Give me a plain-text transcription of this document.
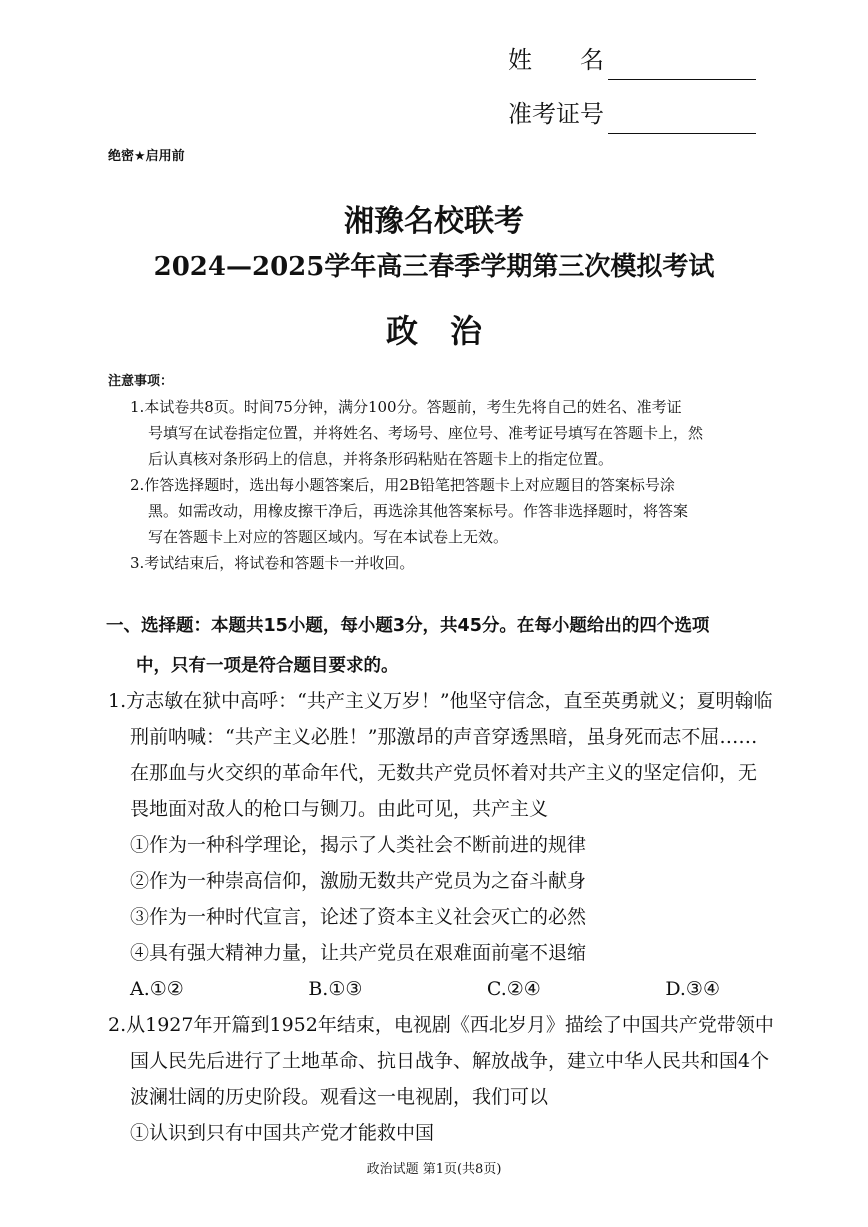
姓　　名
准考证号
绝密★启用前
湘豫名校联考
2024—2025学年高三春季学期第三次模拟考试
政　治
注意事项：

1.本试卷共8页。时间75分钟，满分100分。答题前，考生先将自己的姓名、准考证

号填写在试卷指定位置，并将姓名、考场号、座位号、准考证号填写在答题卡上，然

后认真核对条形码上的信息，并将条形码粘贴在答题卡上的指定位置。

2.作答选择题时，选出每小题答案后，用2B铅笔把答题卡上对应题目的答案标号涂

黑。如需改动，用橡皮擦干净后，再选涂其他答案标号。作答非选择题时，将答案

写在答题卡上对应的答题区域内。写在本试卷上无效。

3.考试结束后，将试卷和答题卡一并收回。

一、选择题：本题共15小题，每小题3分，共45分。在每小题给出的四个选项
中，只有一项是符合题目要求的。

1.方志敏在狱中高呼：“共产主义万岁！”他坚守信念，直至英勇就义；夏明翰临

刑前呐喊：“共产主义必胜！”那激昂的声音穿透黑暗，虽身死而志不屈……

在那血与火交织的革命年代，无数共产党员怀着对共产主义的坚定信仰，无

畏地面对敌人的枪口与铡刀。由此可见，共产主义

①作为一种科学理论，揭示了人类社会不断前进的规律

②作为一种崇高信仰，激励无数共产党员为之奋斗献身

③作为一种时代宣言，论述了资本主义社会灭亡的必然

④具有强大精神力量，让共产党员在艰难面前毫不退缩

A.①②	B.①③	C.②④	D.③④

2.从1927年开篇到1952年结束，电视剧《西北岁月》描绘了中国共产党带领中

国人民先后进行了土地革命、抗日战争、解放战争，建立中华人民共和国4个

波澜壮阔的历史阶段。观看这一电视剧，我们可以

①认识到只有中国共产党才能救中国

政治试题 第1页(共8页)
